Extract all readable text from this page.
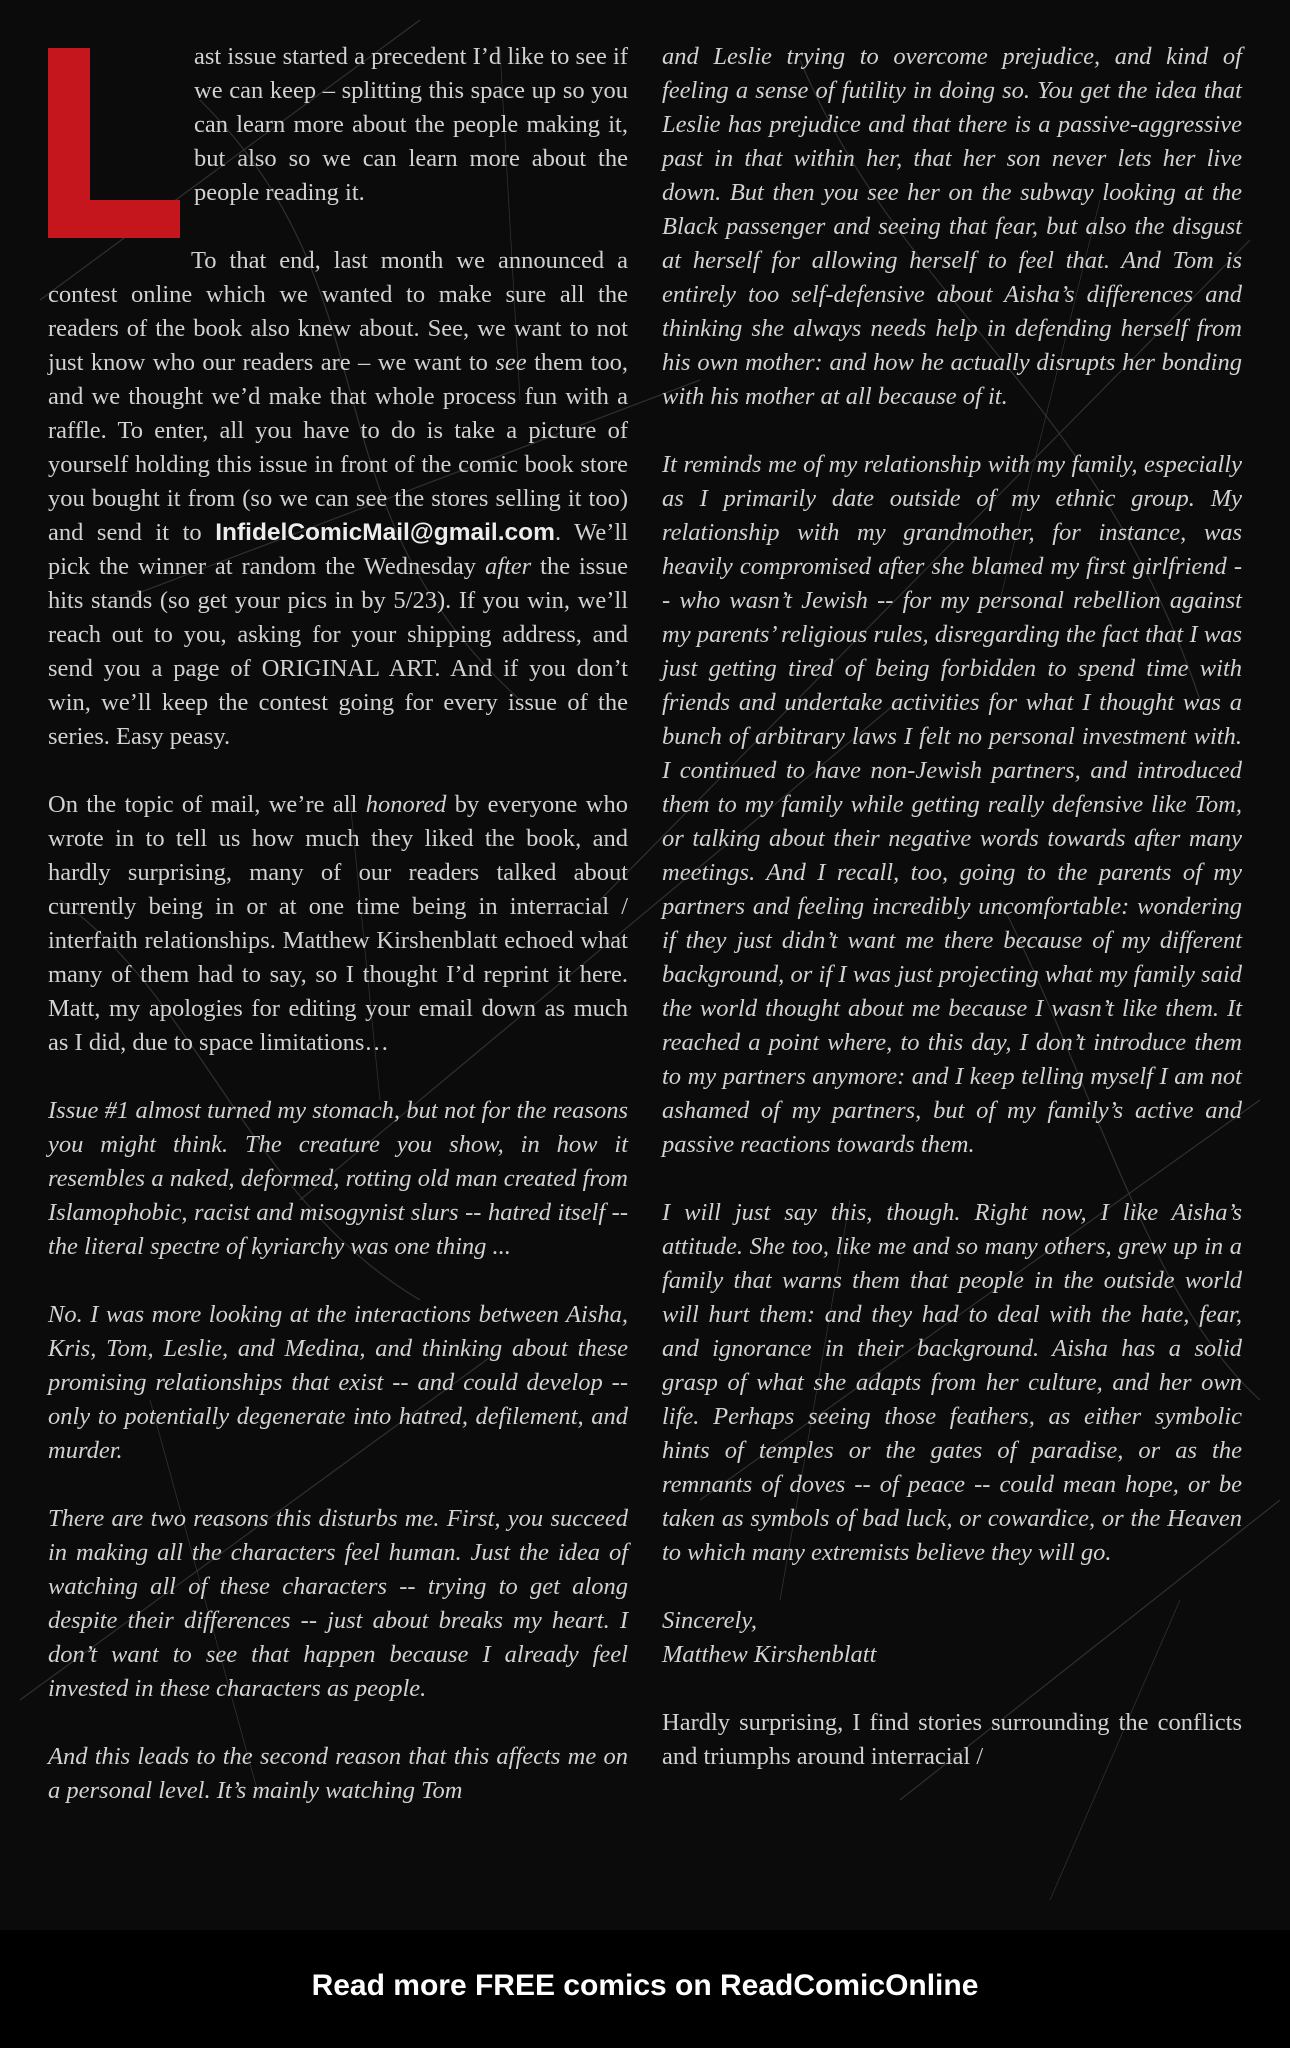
ast issue started a precedent I’d like to see if we can keep – splitting this space up so you can learn more about the people making it, but also so we can learn more about the people reading it.

To that end, last month we announced a contest online which we wanted to make sure all the readers of the book also knew about. See, we want to not just know who our readers are – we want to see them too, and we thought we’d make that whole process fun with a raffle. To enter, all you have to do is take a picture of yourself holding this issue in front of the comic book store you bought it from (so we can see the stores selling it too) and send it to InfidelComicMail@gmail.com. We’ll pick the winner at random the Wednesday after the issue hits stands (so get your pics in by 5/23). If you win, we’ll reach out to you, asking for your shipping address, and send you a page of ORIGINAL ART. And if you don’t win, we’ll keep the contest going for every issue of the series. Easy peasy.

On the topic of mail, we’re all honored by everyone who wrote in to tell us how much they liked the book, and hardly surprising, many of our readers talked about currently being in or at one time being in interracial / interfaith relationships. Matthew Kirshenblatt echoed what many of them had to say, so I thought I’d reprint it here. Matt, my apologies for editing your email down as much as I did, due to space limitations…

Issue #1 almost turned my stomach, but not for the reasons you might think. The creature you show, in how it resembles a naked, deformed, rotting old man created from Islamophobic, racist and misogynist slurs -- hatred itself -- the literal spectre of kyriarchy was one thing ...

No. I was more looking at the interactions between Aisha, Kris, Tom, Leslie, and Medina, and thinking about these promising relationships that exist -- and could develop -- only to potentially degenerate into hatred, defilement, and murder.

There are two reasons this disturbs me. First, you succeed in making all the characters feel human. Just the idea of watching all of these characters -- trying to get along despite their differences -- just about breaks my heart. I don’t want to see that happen because I already feel invested in these characters as people.

And this leads to the second reason that this affects me on a personal level. It’s mainly watching Tom

and Leslie trying to overcome prejudice, and kind of feeling a sense of futility in doing so. You get the idea that Leslie has prejudice and that there is a passive-aggressive past in that within her, that her son never lets her live down. But then you see her on the subway looking at the Black passenger and seeing that fear, but also the disgust at herself for allowing herself to feel that. And Tom is entirely too self-defensive about Aisha’s differences and thinking she always needs help in defending herself from his own mother: and how he actually disrupts her bonding with his mother at all because of it.

It reminds me of my relationship with my family, especially as I primarily date outside of my ethnic group. My relationship with my grandmother, for instance, was heavily compromised after she blamed my first girlfriend -- who wasn’t Jewish -- for my personal rebellion against my parents’ religious rules, disregarding the fact that I was just getting tired of being forbidden to spend time with friends and undertake activities for what I thought was a bunch of arbitrary laws I felt no personal investment with. I continued to have non-Jewish partners, and introduced them to my family while getting really defensive like Tom, or talking about their negative words towards after many meetings. And I recall, too, going to the parents of my partners and feeling incredibly uncomfortable: wondering if they just didn’t want me there because of my different background, or if I was just projecting what my family said the world thought about me because I wasn’t like them. It reached a point where, to this day, I don’t introduce them to my partners anymore: and I keep telling myself I am not ashamed of my partners, but of my family’s active and passive reactions towards them.

I will just say this, though. Right now, I like Aisha’s attitude. She too, like me and so many others, grew up in a family that warns them that people in the outside world will hurt them: and they had to deal with the hate, fear, and ignorance in their background. Aisha has a solid grasp of what she adapts from her culture, and her own life. Perhaps seeing those feathers, as either symbolic hints of temples or the gates of paradise, or as the remnants of doves -- of peace -- could mean hope, or be taken as symbols of bad luck, or cowardice, or the Heaven to which many extremists believe they will go.

Sincerely,

Matthew Kirshenblatt

Hardly surprising, I find stories surrounding the conflicts and triumphs around interracial /

Read more FREE comics on ReadComicOnline
